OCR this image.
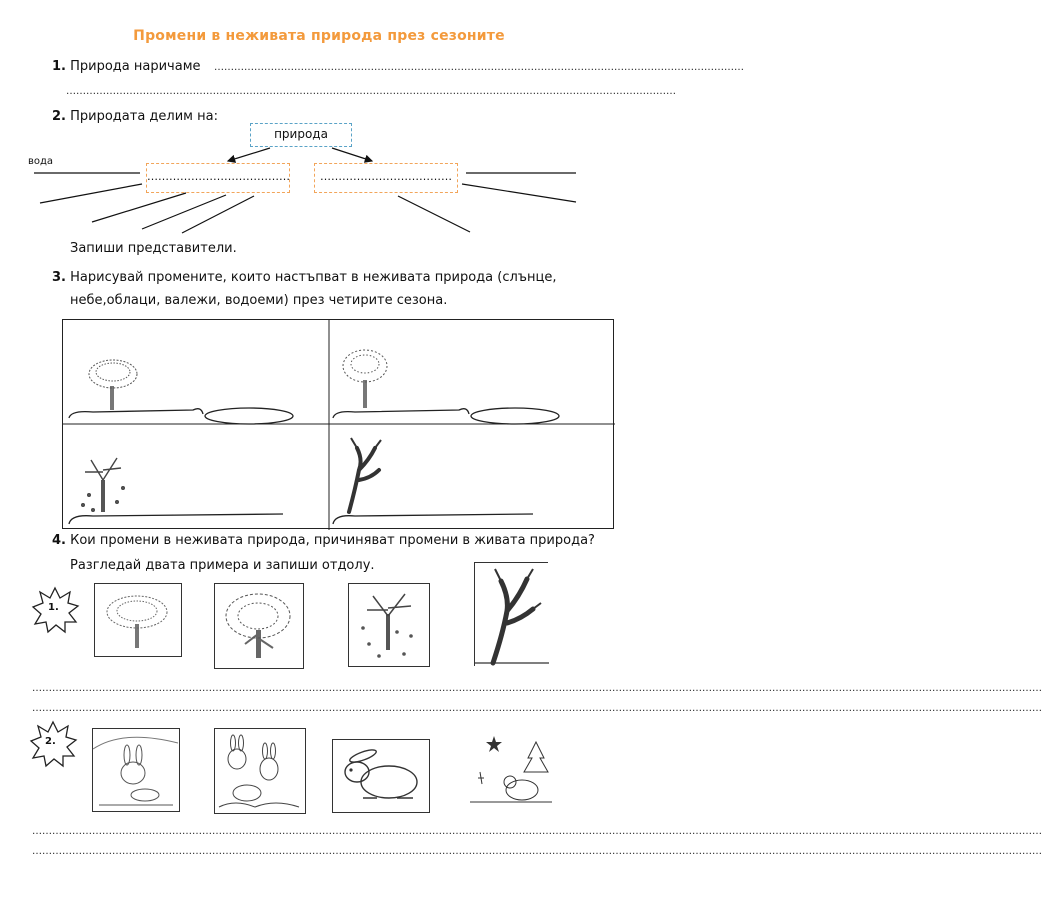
Промени в неживата природа през сезоните
1. Природа наричаме ……………………………………………………………………………………………………………………………………………
…………………………………………………………………………………………………………………………………………………………………
2. Природата делим на:
природа
…………………………………	………………………………
вода
Запиши представители.
3. Нарисувай промените, които настъпват в неживата природа (слънце,
небе,облаци, валежи, водоеми) през четирите сезона.
4. Кои промени в неживата природа, причиняват промени в живата природа?
Разгледай двата примера и запиши отдолу.
1.
……………………………………………………………………………………………………………………………………………………………………………………………………………………………………………………………………………
……………………………………………………………………………………………………………………………………………………………………………………………………………………………………………………………………………
2.
……………………………………………………………………………………………………………………………………………………………………………………………………………………………………………………………………………
……………………………………………………………………………………………………………………………………………………………………………………………………………………………………………………………………………
